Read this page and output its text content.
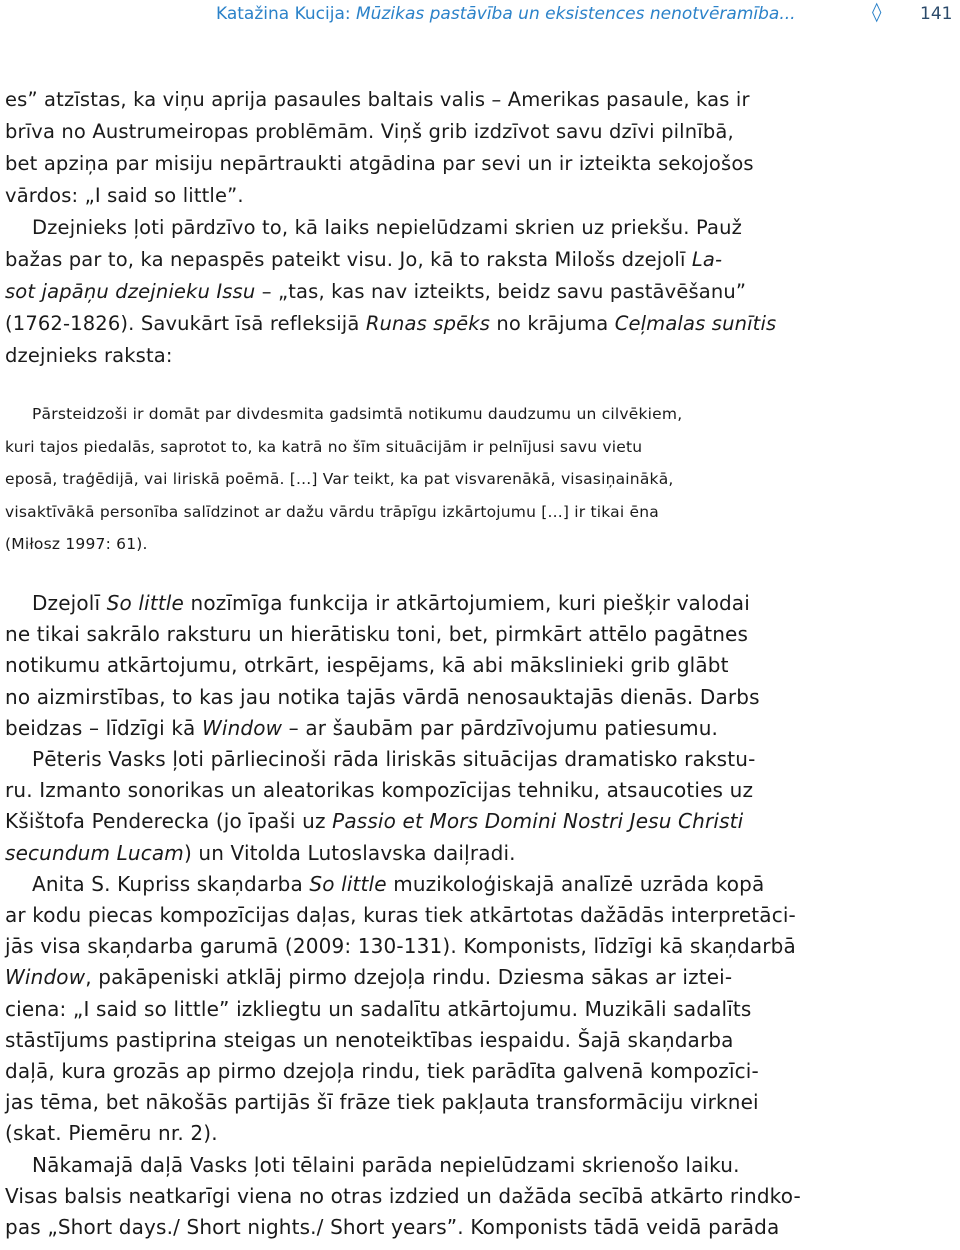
Katažina Kucija: Mūzikas pastāvība un eksistences nenotvēramība...	◊ 141
es” atzīstas, ka viņu aprija pasaules baltais valis – Amerikas pasaule, kas ir
brīva no Austrumeiropas problēmām. Viņš grib izdzīvot savu dzīvi pilnībā,
bet apziņa par misiju nepārtraukti atgādina par sevi un ir izteikta sekojošos
vārdos: „I said so little”.
Dzejnieks ļoti pārdzīvo to, kā laiks nepielūdzami skrien uz priekšu. Pauž
bažas par to, ka nepaspēs pateikt visu. Jo, kā to raksta Milošs dzejolī La-
sot japāņu dzejnieku Issu – „tas, kas nav izteikts, beidz savu pastāvēšanu”
(1762-1826). Savukārt īsā refleksijā Runas spēks no krājuma Ceļmalas sunītis
dzejnieks raksta:
Pārsteidzoši ir domāt par divdesmita gadsimtā notikumu daudzumu un cilvēkiem,
kuri tajos piedalās, saprotot to, ka katrā no šīm situācijām ir pelnījusi savu vietu
eposā, traģēdijā, vai liriskā poēmā. [...] Var teikt, ka pat visvarenākā, visasiņainākā,
visaktīvākā personība salīdzinot ar dažu vārdu trāpīgu izkārtojumu [...] ir tikai ēna
(Miłosz 1997: 61).
Dzejolī So little nozīmīga funkcija ir atkārtojumiem, kuri piešķir valodai
ne tikai sakrālo raksturu un hierātisku toni, bet, pirmkārt attēlo pagātnes
notikumu atkārtojumu, otrkārt, iespējams, kā abi mākslinieki grib glābt
no aizmirstības, to kas jau notika tajās vārdā nenosauktajās dienās. Darbs
beidzas – līdzīgi kā Window – ar šaubām par pārdzīvojumu patiesumu.
Pēteris Vasks ļoti pārliecinoši rāda liriskās situācijas dramatisko rakstu-
ru. Izmanto sonorikas un aleatorikas kompozīcijas tehniku, atsaucoties uz
Kšištofa Pendereckа (jo īpaši uz Passio et Mors Domini Nostri Jesu Christi
secundum Lucam) un Vitolda Lutoslavska daiļradi.
Anita S. Kupriss skaņdarba So little muzikoloģiskajā analīzē uzrāda kopā
ar kodu piecas kompozīcijas daļas, kuras tiek atkārtotas dažādās interpretāci-
jās visa skaņdarba garumā (2009: 130-131). Komponists, līdzīgi kā skaņdarbā
Window, pakāpeniski atklāj pirmo dzejoļa rindu. Dziesma sākas ar iztei-
ciena: „I said so little” izkliegtu un sadalītu atkārtojumu. Muzikāli sadalīts
stāstījums pastiprina steigas un nenoteiktības iespaidu. Šajā skaņdarba
daļā, kura grozās ap pirmo dzejoļa rindu, tiek parādīta galvenā kompozīci-
jas tēma, bet nākošās partijās šī frāze tiek pakļauta transformāciju virknei
(skat. Piemēru nr. 2).
Nākamajā daļā Vasks ļoti tēlaini parāda nepielūdzami skrienošo laiku.
Visas balsis neatkarīgi viena no otras izdzied un dažāda secībā atkārto rindko-
pas „Short days./ Short nights./ Short years”. Komponists tādā veidā parāda
